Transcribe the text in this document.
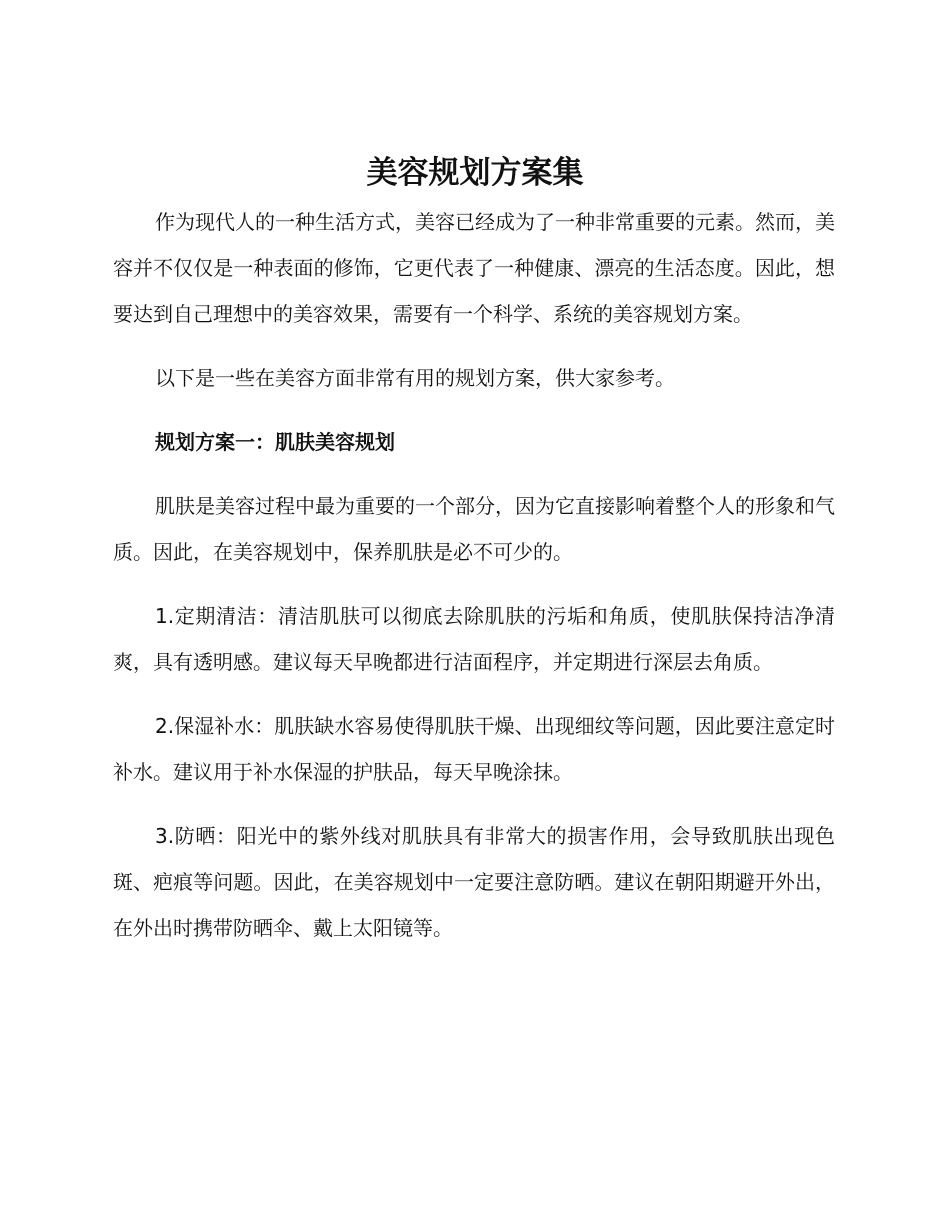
美容规划方案集

作为现代人的一种生活方式，美容已经成为了一种非常重要的元素。然而，美容并不仅仅是一种表面的修饰，它更代表了一种健康、漂亮的生活态度。因此，想要达到自己理想中的美容效果，需要有一个科学、系统的美容规划方案。

以下是一些在美容方面非常有用的规划方案，供大家参考。

规划方案一：肌肤美容规划

肌肤是美容过程中最为重要的一个部分，因为它直接影响着整个人的形象和气质。因此，在美容规划中，保养肌肤是必不可少的。

1.定期清洁：清洁肌肤可以彻底去除肌肤的污垢和角质，使肌肤保持洁净清爽，具有透明感。建议每天早晚都进行洁面程序，并定期进行深层去角质。

2.保湿补水：肌肤缺水容易使得肌肤干燥、出现细纹等问题，因此要注意定时补水。建议用于补水保湿的护肤品，每天早晚涂抹。

3.防晒：阳光中的紫外线对肌肤具有非常大的损害作用，会导致肌肤出现色斑、疤痕等问题。因此，在美容规划中一定要注意防晒。建议在朝阳期避开外出，在外出时携带防晒伞、戴上太阳镜等。
